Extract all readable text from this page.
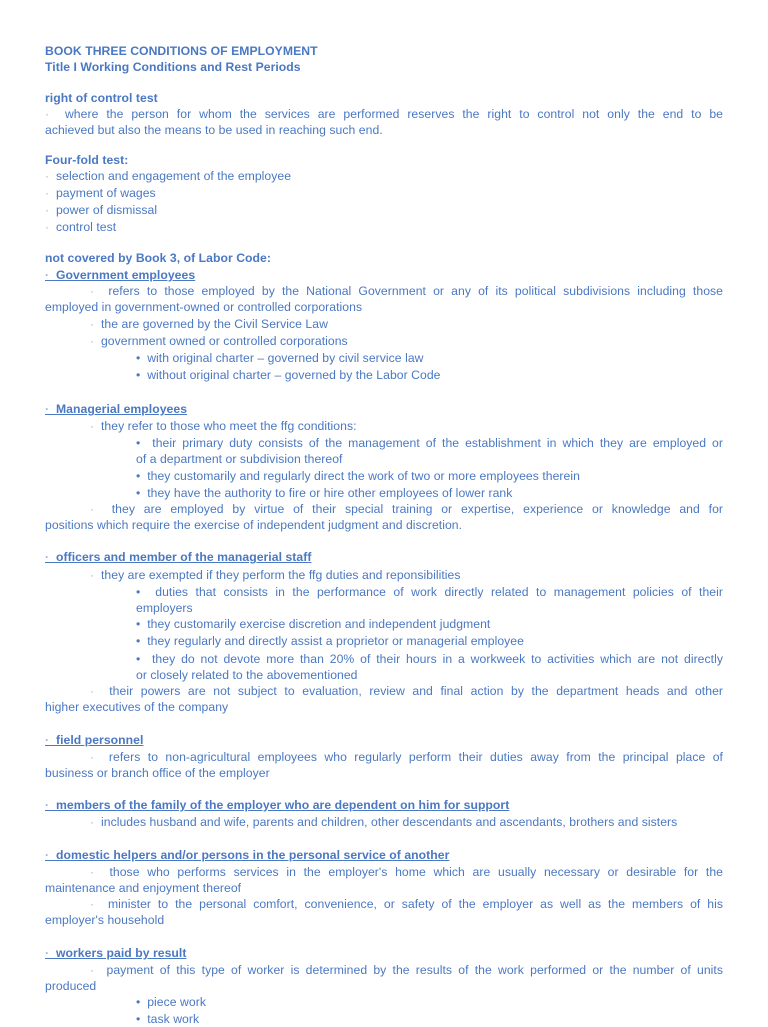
BOOK THREE CONDITIONS OF EMPLOYMENT
Title I Working Conditions and Rest Periods
right of control test
· where the person for whom the services are performed reserves the right to control not only the end to be
achieved but also the means to be used in reaching such end.
Four-fold test:
· selection and engagement of the employee
· payment of wages
· power of dismissal
· control test
not covered by Book 3, of Labor Code:
· Government employees
· refers to those employed by the National Government or any of its political subdivisions including those
employed in government-owned or controlled corporations
· the are governed by the Civil Service Law
· government owned or controlled corporations
• with original charter – governed by civil service law
• without original charter – governed by the Labor Code
· Managerial employees
· they refer to those who meet the ffg conditions:
• their primary duty consists of the management of the establishment in which they are employed or
of a department or subdivision thereof
• they customarily and regularly direct the work of two or more employees therein
• they have the authority to fire or hire other employees of lower rank
· they are employed by virtue of their special training or expertise, experience or knowledge and for
positions which require the exercise of independent judgment and discretion.
· officers and member of the managerial staff
· they are exempted if they perform the ffg duties and reponsibilities
• duties that consists in the performance of work directly related to management policies of their
employers
• they customarily exercise discretion and independent judgment
• they regularly and directly assist a proprietor or managerial employee
• they do not devote more than 20% of their hours in a workweek to activities which are not directly
or closely related to the abovementioned
· their powers are not subject to evaluation, review and final action by the department heads and other
higher executives of the company
· field personnel
· refers to non-agricultural employees who regularly perform their duties away from the principal place of
business or branch office of the employer
· members of the family of the employer who are dependent on him for support
· includes husband and wife, parents and children, other descendants and ascendants, brothers and sisters
· domestic helpers and/or persons in the personal service of another
· those who performs services in the employer's home which are usually necessary or desirable for the
maintenance and enjoyment thereof
· minister to the personal comfort, convenience, or safety of the employer as well as the members of his
employer's household
· workers paid by result
· payment of this type of worker is determined by the results of the work performed or the number of units
produced
• piece work
• task work
